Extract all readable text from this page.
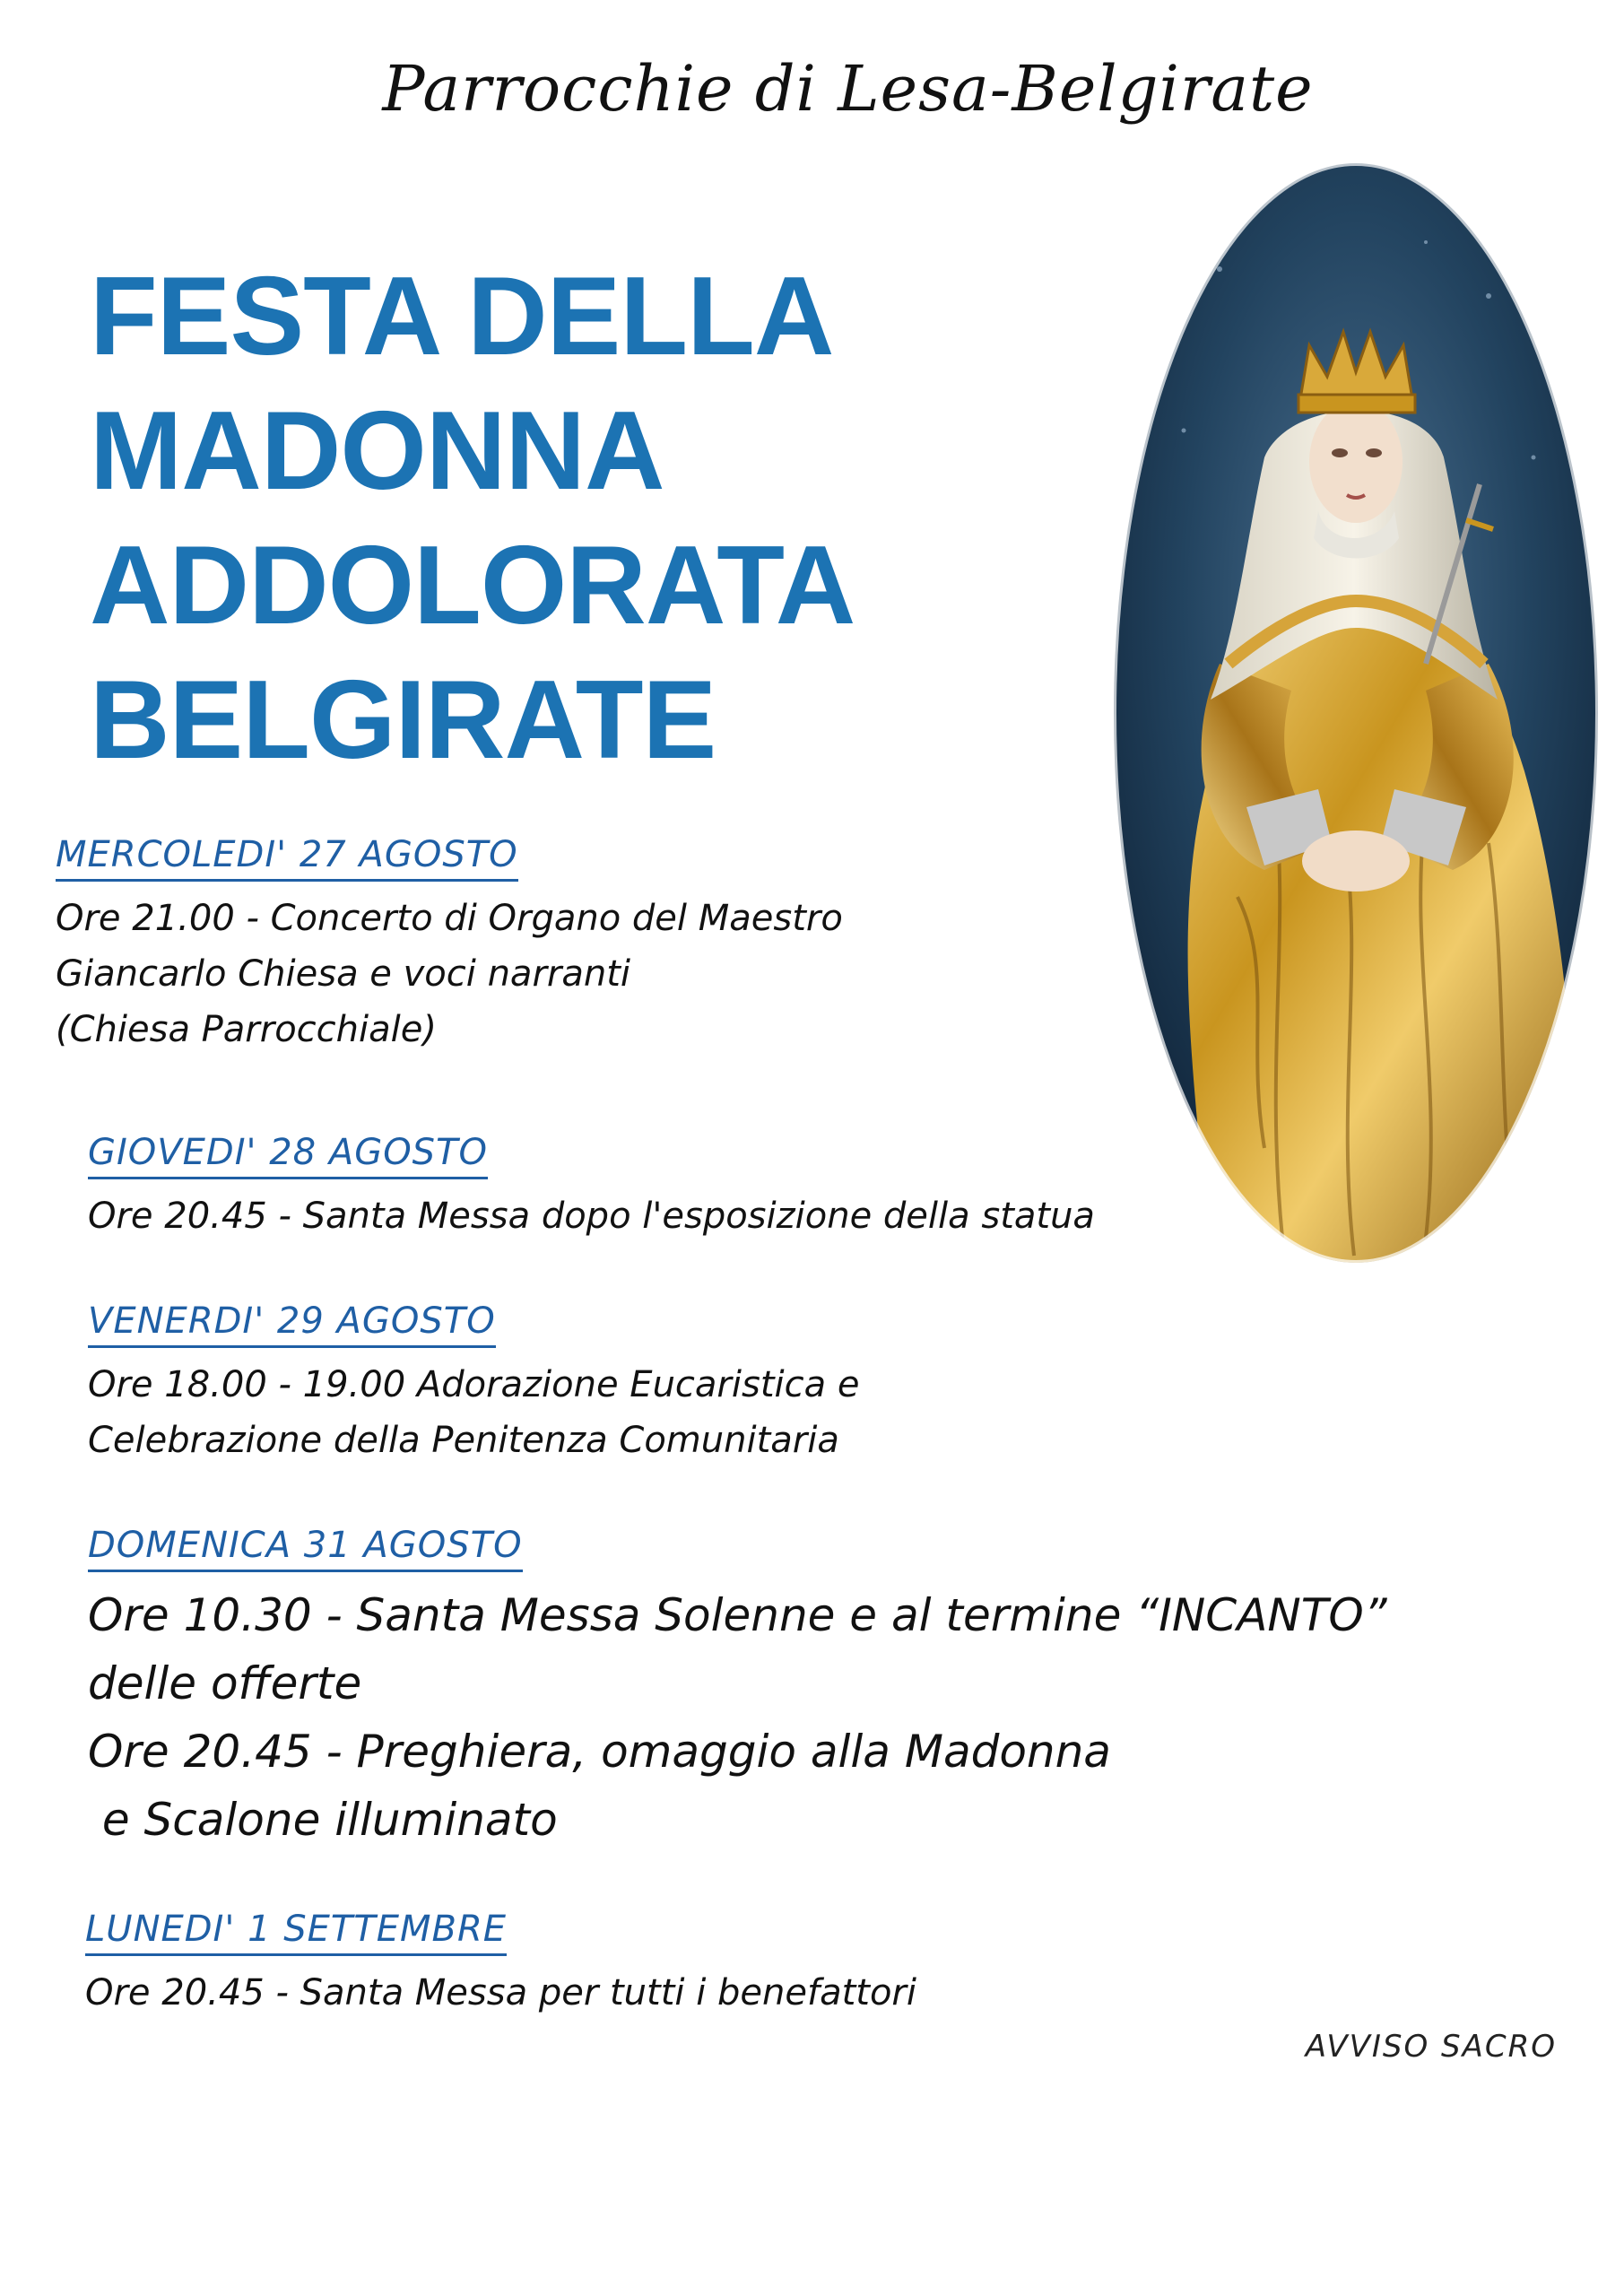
Parrocchie di Lesa-Belgirate
FESTA DELLA
MADONNA
ADDOLORATA
BELGIRATE
MERCOLEDI' 27 AGOSTO
Ore 21.00 - Concerto di Organo del Maestro
Giancarlo Chiesa e voci narranti
(Chiesa Parrocchiale)
GIOVEDI' 28 AGOSTO
Ore 20.45 - Santa Messa dopo l'esposizione della statua
VENERDI' 29 AGOSTO
Ore 18.00 - 19.00 Adorazione Eucaristica e
Celebrazione della Penitenza Comunitaria
DOMENICA 31 AGOSTO
Ore 10.30 - Santa Messa Solenne e al termine “INCANTO”
delle offerte
Ore 20.45 - Preghiera, omaggio alla Madonna
e Scalone illuminato
LUNEDI' 1 SETTEMBRE
Ore 20.45 - Santa Messa per tutti i benefattori
AVVISO SACRO
